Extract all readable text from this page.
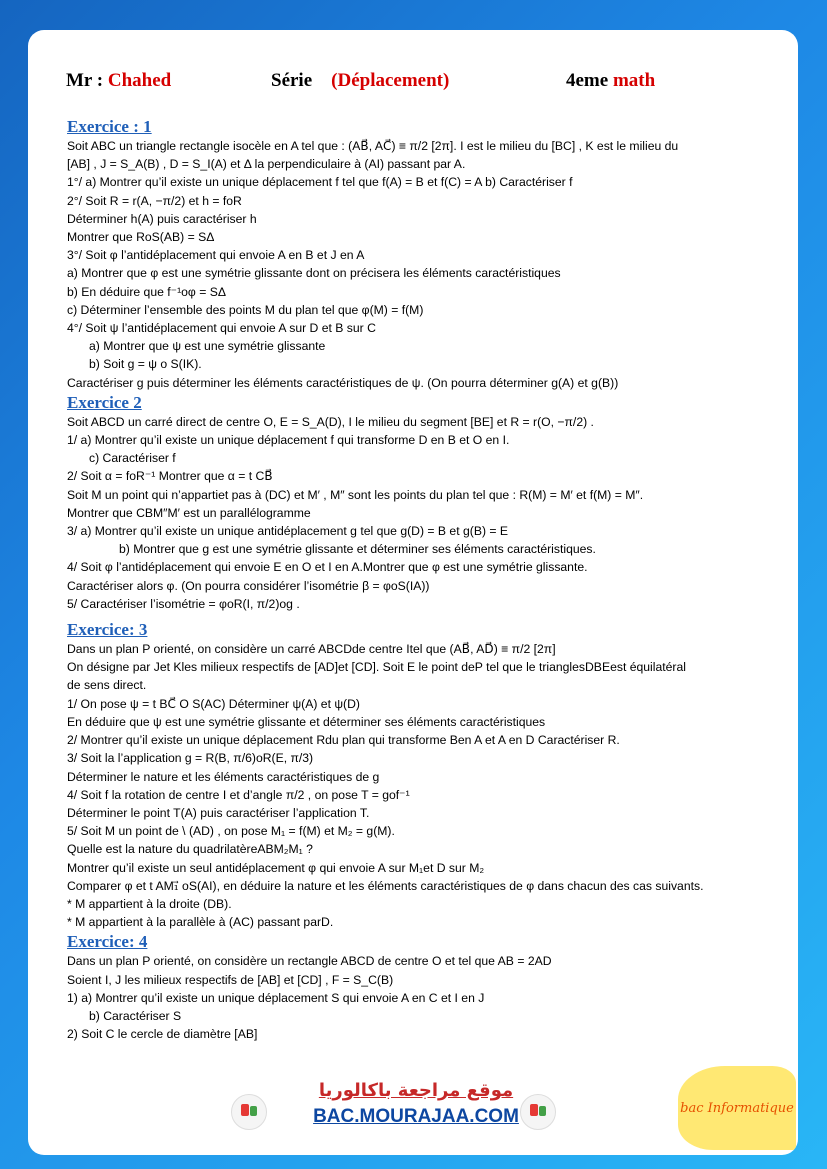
Mr : Chahed	Série (Déplacement)	4eme math
Exercice : 1
Soit ABC un triangle rectangle isocèle en A tel que : (AB⃗, AC⃗) ≡ π/2 [2π]. I est le milieu du [BC] , K est le milieu du
[AB] , J = S_A(B) , D = S_I(A) et Δ la perpendiculaire à (AI) passant par A.
1°/ a) Montrer qu’il existe un unique déplacement f tel que f(A) = B et f(C) = A b) Caractériser f
2°/ Soit R = r(A, −π/2) et h = foR
Déterminer h(A) puis caractériser h
Montrer que RoS(AB) = SΔ
3°/ Soit φ l’antidéplacement qui envoie A en B et J en A
a) Montrer que φ est une symétrie glissante dont on précisera les éléments caractéristiques
b) En déduire que f⁻¹oφ = SΔ
c) Déterminer l’ensemble des points M du plan tel que φ(M) = f(M)
4°/ Soit ψ l’antidéplacement qui envoie A sur D et B sur C
a) Montrer que ψ est une symétrie glissante
b) Soit g = ψ o S(IK).
Caractériser g puis déterminer les éléments caractéristiques de ψ. (On pourra déterminer g(A) et g(B))
Exercice 2
Soit ABCD un carré direct de centre O, E = S_A(D), I le milieu du segment [BE] et R = r(O, −π/2) .
1/ a) Montrer qu’il existe un unique déplacement f qui transforme D en B et O en I.
c) Caractériser f
2/ Soit α = foR⁻¹ Montrer que α = t CB⃗
Soit M un point qui n’appartiet pas à (DC) et M′ , M″ sont les points du plan tel que : R(M) = M′ et f(M) = M″.
Montrer que CBM″M′ est un parallélogramme
3/ a) Montrer qu’il existe un unique antidéplacement g tel que g(D) = B et g(B) = E
b) Montrer que g est une symétrie glissante et déterminer ses éléments caractéristiques.
4/ Soit φ l’antidéplacement qui envoie E en O et I en A.Montrer que φ est une symétrie glissante.
Caractériser alors φ. (On pourra considérer l’isométrie β = φoS(IA))
5/ Caractériser l’isométrie = φoR(I, π/2)og .
Exercice: 3
Dans un plan P orienté, on considère un carré ABCDde centre Itel que (AB⃗, AD⃗) ≡ π/2 [2π]
On désigne par Jet Kles milieux respectifs de [AD]et [CD]. Soit E le point deP tel que le trianglesDBEest équilatéral
de sens direct.
1/ On pose ψ = t BC⃗ O S(AC) Déterminer ψ(A) et ψ(D)
En déduire que ψ est une symétrie glissante et déterminer ses éléments caractéristiques
2/ Montrer qu’il existe un unique déplacement Rdu plan qui transforme Ben A et A en D Caractériser R.
3/ Soit la l’application g = R(B, π/6)oR(E, π/3)
Déterminer le nature et les éléments caractéristiques de g
4/ Soit f la rotation de centre I et d’angle π/2 , on pose T = gof⁻¹
Déterminer le point T(A) puis caractériser l’application T.
5/ Soit M un point de \ (AD) , on pose M₁ = f(M) et M₂ = g(M).
Quelle est la nature du quadrilatèreABM₂M₁ ?
Montrer qu’il existe un seul antidéplacement φ qui envoie A sur M₁et D sur M₂
Comparer φ et t AM₁⃗ oS(AI), en déduire la nature et les éléments caractéristiques de φ dans chacun des cas suivants.
* M appartient à la droite (DB).
* M appartient à la parallèle à (AC) passant parD.
Exercice: 4
Dans un plan P orienté, on considère un rectangle ABCD de centre O et tel que AB = 2AD
Soient I, J les milieux respectifs de [AB] et [CD] , F = S_C(B)
1) a) Montrer qu’il existe un unique déplacement S qui envoie A en C et I en J
b) Caractériser S
2) Soit C le cercle de diamètre [AB]
موقع مراجعة باكالوريا
BAC.MOURAJAA.COM	bac Informatique
